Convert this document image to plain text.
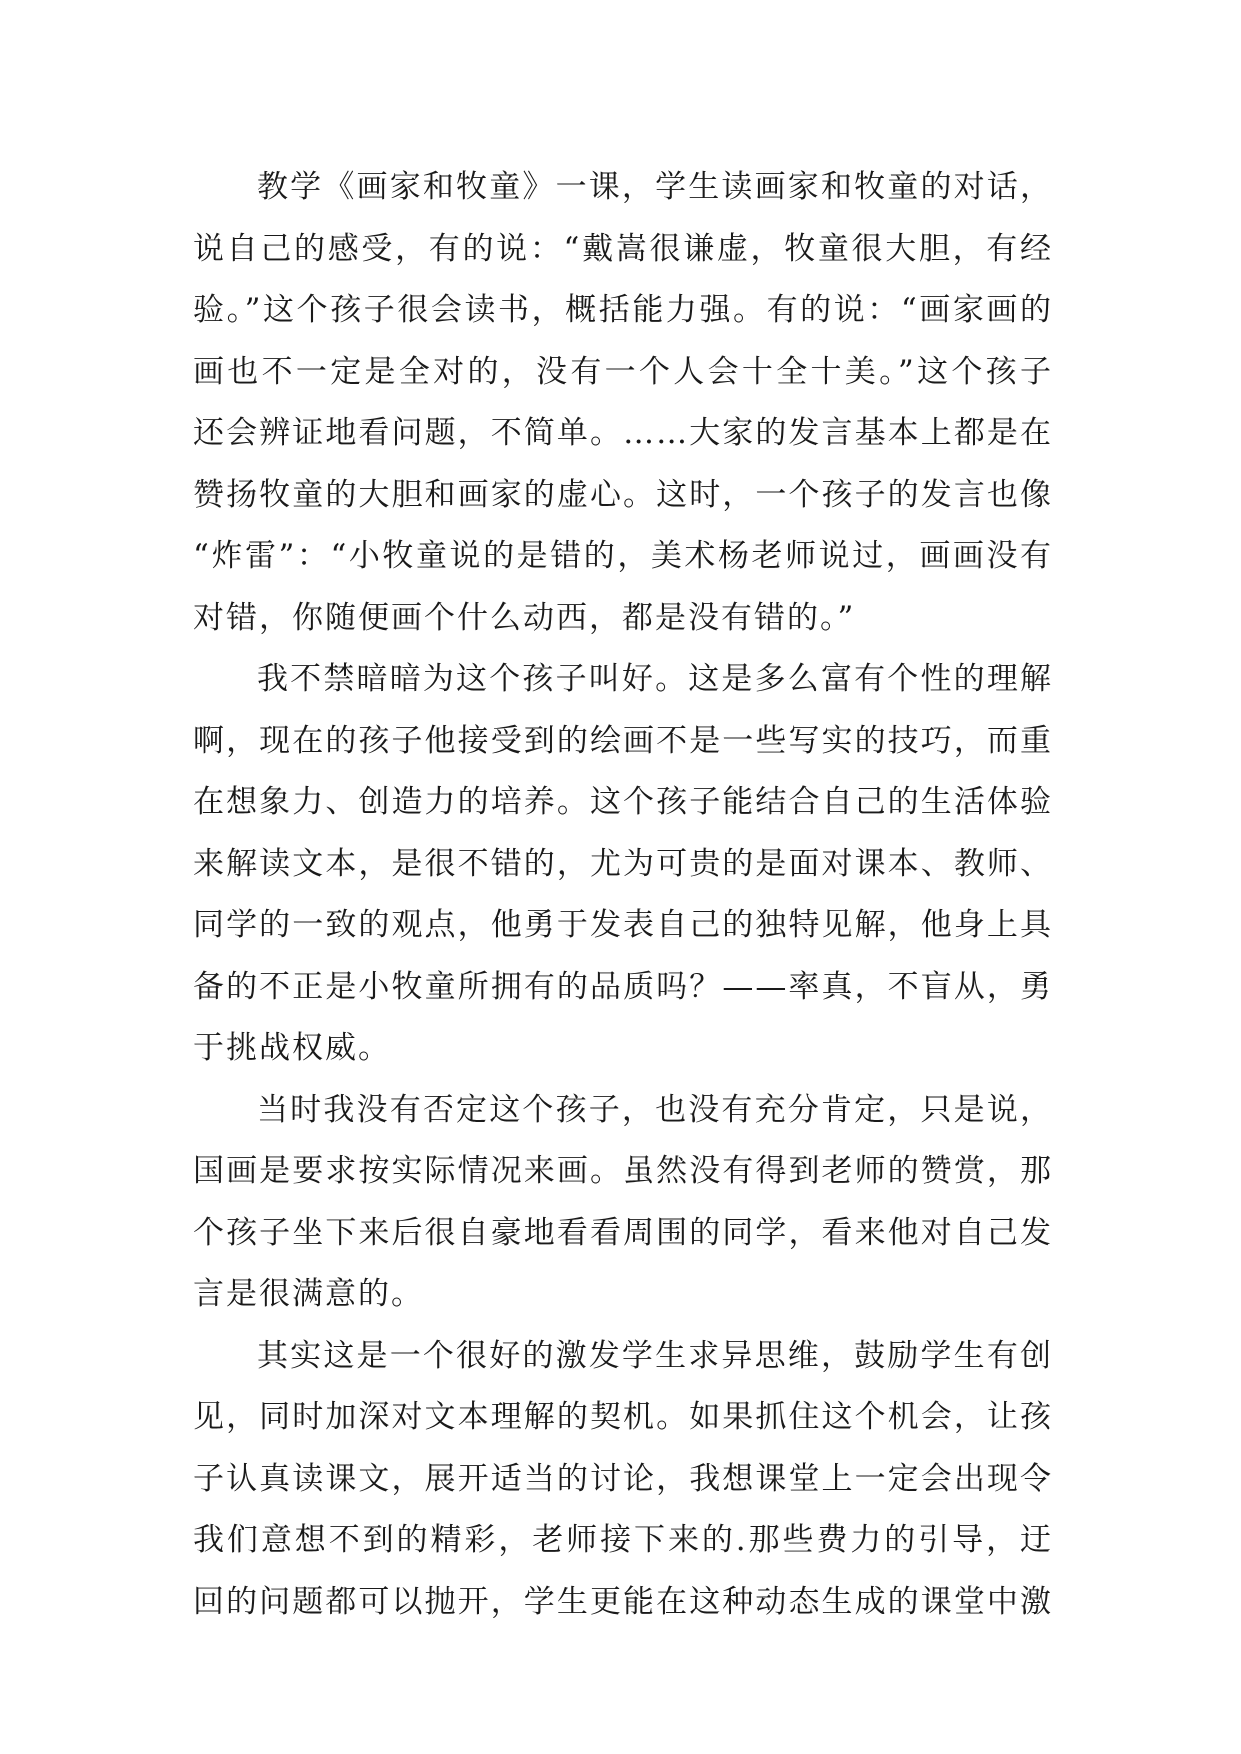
教学《画家和牧童》一课，学生读画家和牧童的对话，
说自己的感受，有的说：“戴嵩很谦虚，牧童很大胆，有经
验。”这个孩子很会读书，概括能力强。有的说：“画家画的
画也不一定是全对的，没有一个人会十全十美。”这个孩子
还会辨证地看问题，不简单。……大家的发言基本上都是在
赞扬牧童的大胆和画家的虚心。这时，一个孩子的发言也像
“炸雷”：“小牧童说的是错的，美术杨老师说过，画画没有
对错，你随便画个什么动西，都是没有错的。”
我不禁暗暗为这个孩子叫好。这是多么富有个性的理解
啊，现在的孩子他接受到的绘画不是一些写实的技巧，而重
在想象力、创造力的培养。这个孩子能结合自己的生活体验
来解读文本，是很不错的，尤为可贵的是面对课本、教师、
同学的一致的观点，他勇于发表自己的独特见解，他身上具
备的不正是小牧童所拥有的品质吗？——率真，不盲从，勇
于挑战权威。
当时我没有否定这个孩子，也没有充分肯定，只是说，
国画是要求按实际情况来画。虽然没有得到老师的赞赏，那
个孩子坐下来后很自豪地看看周围的同学，看来他对自己发
言是很满意的。
其实这是一个很好的激发学生求异思维，鼓励学生有创
见，同时加深对文本理解的契机。如果抓住这个机会，让孩
子认真读课文，展开适当的讨论，我想课堂上一定会出现令
我们意想不到的精彩，老师接下来的.那些费力的引导，迂
回的问题都可以抛开，学生更能在这种动态生成的课堂中激
